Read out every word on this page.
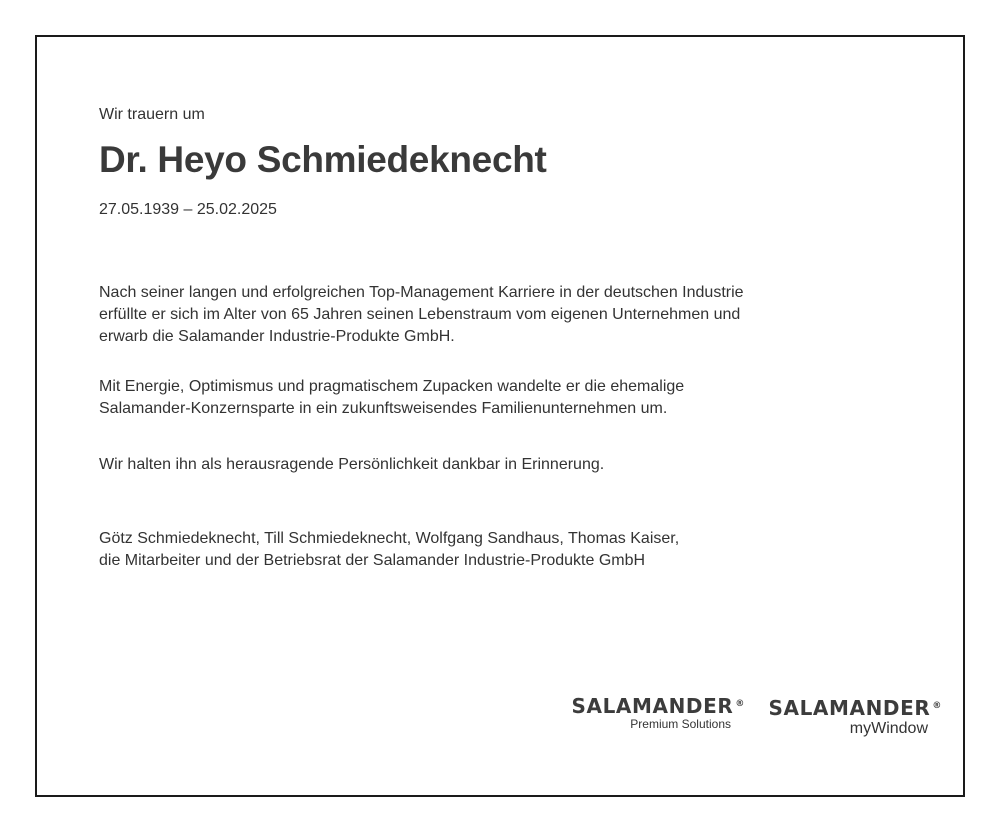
Wir trauern um
Dr. Heyo Schmiedeknecht
27.05.1939 – 25.02.2025

Nach seiner langen und erfolgreichen Top-Management Karriere in der deutschen Industrie
erfüllte er sich im Alter von 65 Jahren seinen Lebenstraum vom eigenen Unternehmen und
erwarb die Salamander Industrie-Produkte GmbH.

Mit Energie, Optimismus und pragmatischem Zupacken wandelte er die ehemalige
Salamander-Konzernsparte in ein zukunftsweisendes Familienunternehmen um.

Wir halten ihn als herausragende Persönlichkeit dankbar in Erinnerung.

Götz Schmiedeknecht, Till Schmiedeknecht, Wolfgang Sandhaus, Thomas Kaiser,
die Mitarbeiter und der Betriebsrat der Salamander Industrie-Produkte GmbH

SALAMANDER ®
Premium Solutions
SALAMANDER ®
myWindow
